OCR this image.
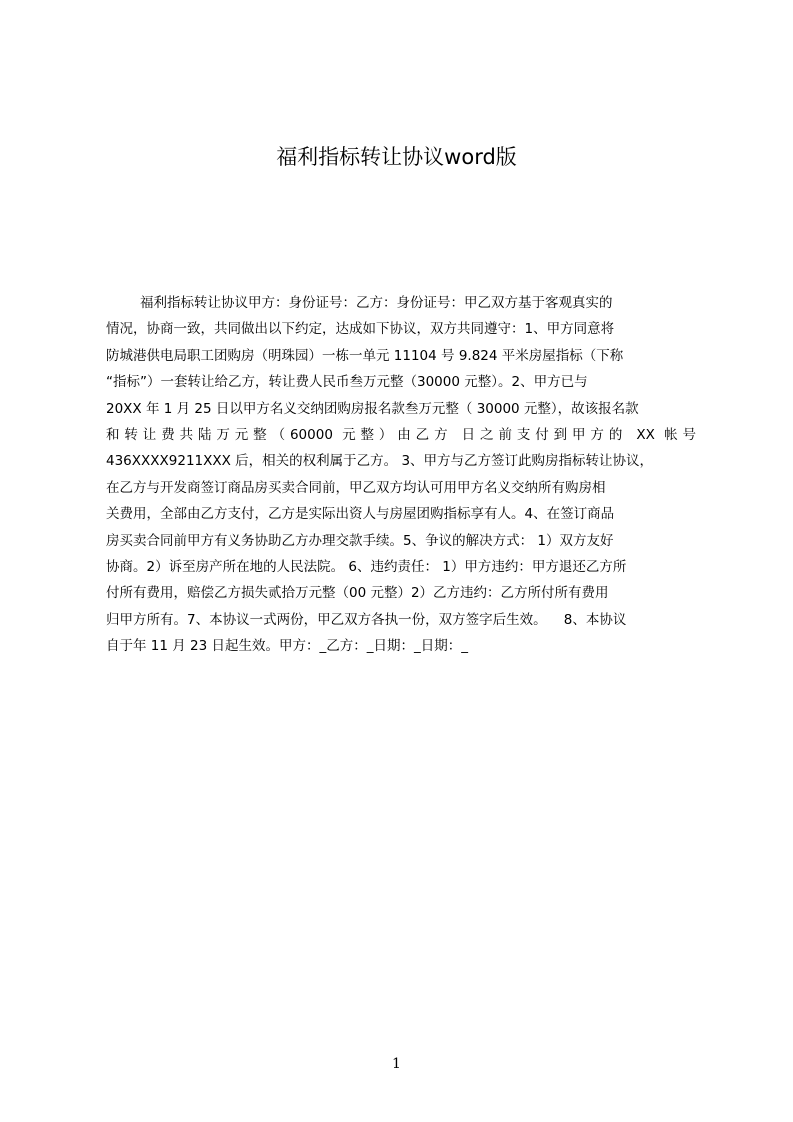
福利指标转让协议word版
福利指标转让协议甲方：身份证号：乙方：身份证号：甲乙双方基于客观真实的
情况，协商一致，共同做出以下约定，达成如下协议，双方共同遵守：1、甲方同意将
防城港供电局职工团购房（明珠园）一栋一单元 11104 号 9.824 平米房屋指标（下称
“指标”）一套转让给乙方，转让费人民币叁万元整（30000 元整）。2、甲方已与
20XX 年 1 月 25 日以甲方名义交纳团购房报名款叁万元整（ 30000 元整），故该报名款
和转让费共陆万元整（60000 元整）由乙方 日之前支付到甲方的 XX 帐号
436XXXX9211XXX 后，相关的权利属于乙方。 3、甲方与乙方签订此购房指标转让协议，
在乙方与开发商签订商品房买卖合同前，甲乙双方均认可用甲方名义交纳所有购房相
关费用，全部由乙方支付，乙方是实际出资人与房屋团购指标享有人。4、在签订商品
房买卖合同前甲方有义务协助乙方办理交款手续。5、争议的解决方式： 1）双方友好
协商。2）诉至房产所在地的人民法院。 6、违约责任： 1）甲方违约：甲方退还乙方所
付所有费用，赔偿乙方损失贰拾万元整（00 元整）2）乙方违约：乙方所付所有费用
归甲方所有。7、本协议一式两份，甲乙双方各执一份，双方签字后生效。    8、本协议
自于年 11 月 23 日起生效。甲方：_乙方：_日期：_日期：_
1
